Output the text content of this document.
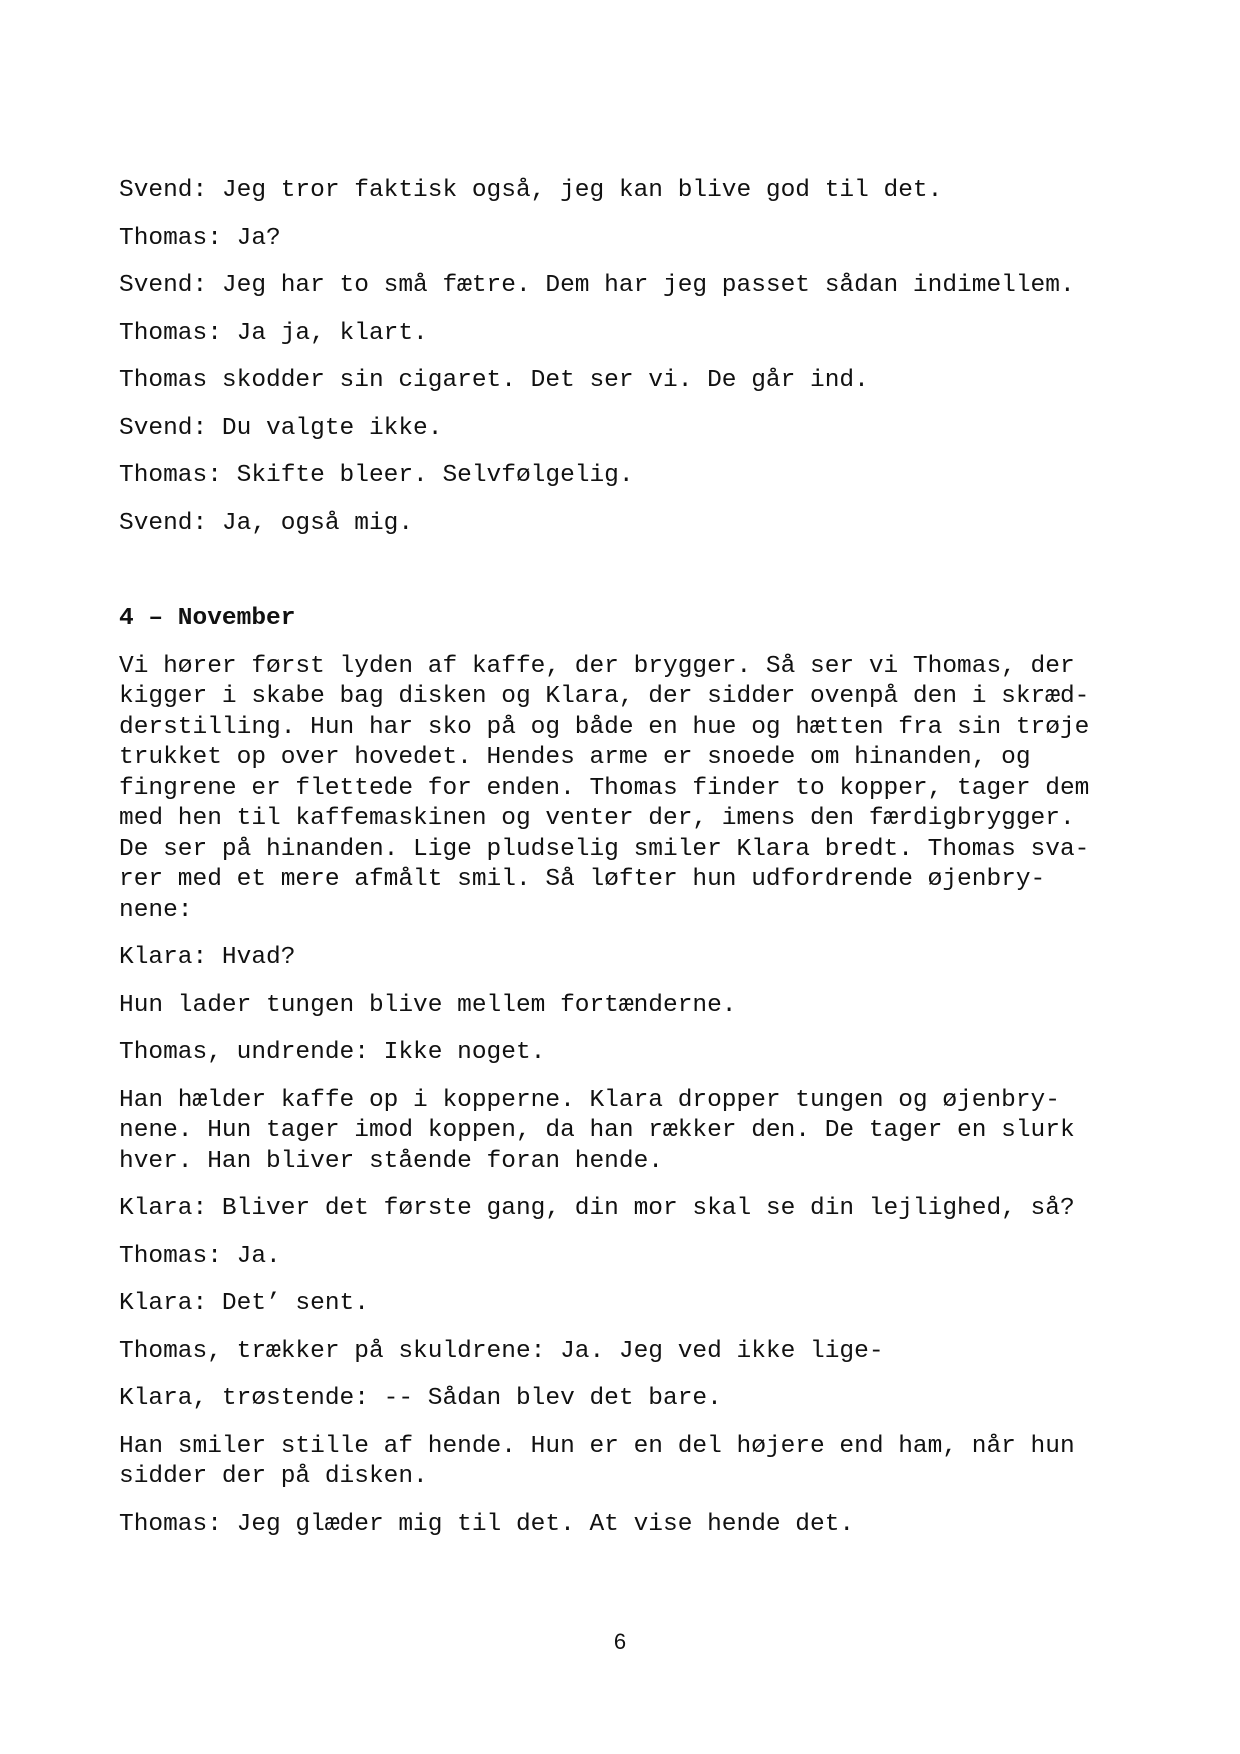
Svend: Jeg tror faktisk også, jeg kan blive god til det.

Thomas: Ja?

Svend: Jeg har to små fætre. Dem har jeg passet sådan indimellem.

Thomas: Ja ja, klart.

Thomas skodder sin cigaret. Det ser vi. De går ind.

Svend: Du valgte ikke.

Thomas: Skifte bleer. Selvfølgelig.

Svend: Ja, også mig.

4 – November

Vi hører først lyden af kaffe, der brygger. Så ser vi Thomas, der
kigger i skabe bag disken og Klara, der sidder ovenpå den i skræd-
derstilling. Hun har sko på og både en hue og hætten fra sin trøje
trukket op over hovedet. Hendes arme er snoede om hinanden, og
fingrene er flettede for enden. Thomas finder to kopper, tager dem
med hen til kaffemaskinen og venter der, imens den færdigbrygger.
De ser på hinanden. Lige pludselig smiler Klara bredt. Thomas sva-
rer med et mere afmålt smil. Så løfter hun udfordrende øjenbry-
nene:

Klara: Hvad?

Hun lader tungen blive mellem fortænderne.

Thomas, undrende: Ikke noget.

Han hælder kaffe op i kopperne. Klara dropper tungen og øjenbry-
nene. Hun tager imod koppen, da han rækker den. De tager en slurk
hver. Han bliver stående foran hende.

Klara: Bliver det første gang, din mor skal se din lejlighed, så?

Thomas: Ja.

Klara: Det’ sent.

Thomas, trækker på skuldrene: Ja. Jeg ved ikke lige-

Klara, trøstende: -- Sådan blev det bare.

Han smiler stille af hende. Hun er en del højere end ham, når hun
sidder der på disken.

Thomas: Jeg glæder mig til det. At vise hende det.

6
